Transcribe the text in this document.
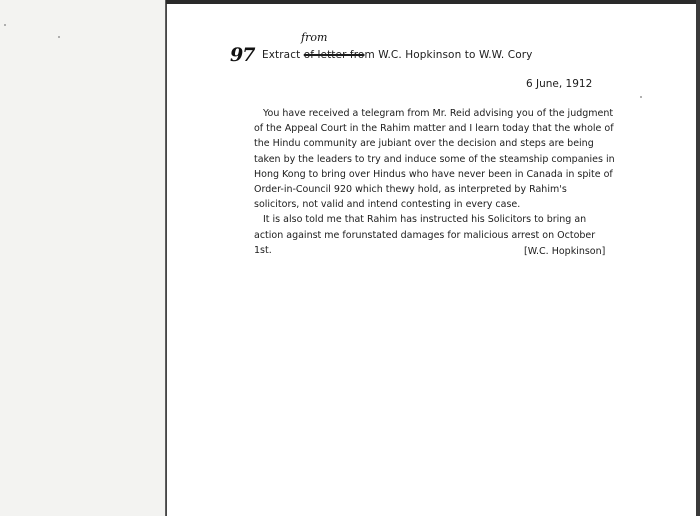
97
from
Extract of letter from W.C. Hopkinson to W.W. Cory
6 June, 1912
You have received a telegram from Mr. Reid advising you of the judgment
of the Appeal Court in the Rahim matter and I learn today that the whole of
the Hindu community are jubiant over the decision and steps are being
taken by the leaders to try and induce some of the steamship companies in
Hong Kong to bring over Hindus who have never been in Canada in spite of
Order-in-Council 920 which thewy hold, as interpreted by Rahim's
solicitors, not valid and intend contesting in every case.
It is also told me that Rahim has instructed his Solicitors to bring an
action against me forunstated damages for malicious arrest on October
1st.	[W.C. Hopkinson]
